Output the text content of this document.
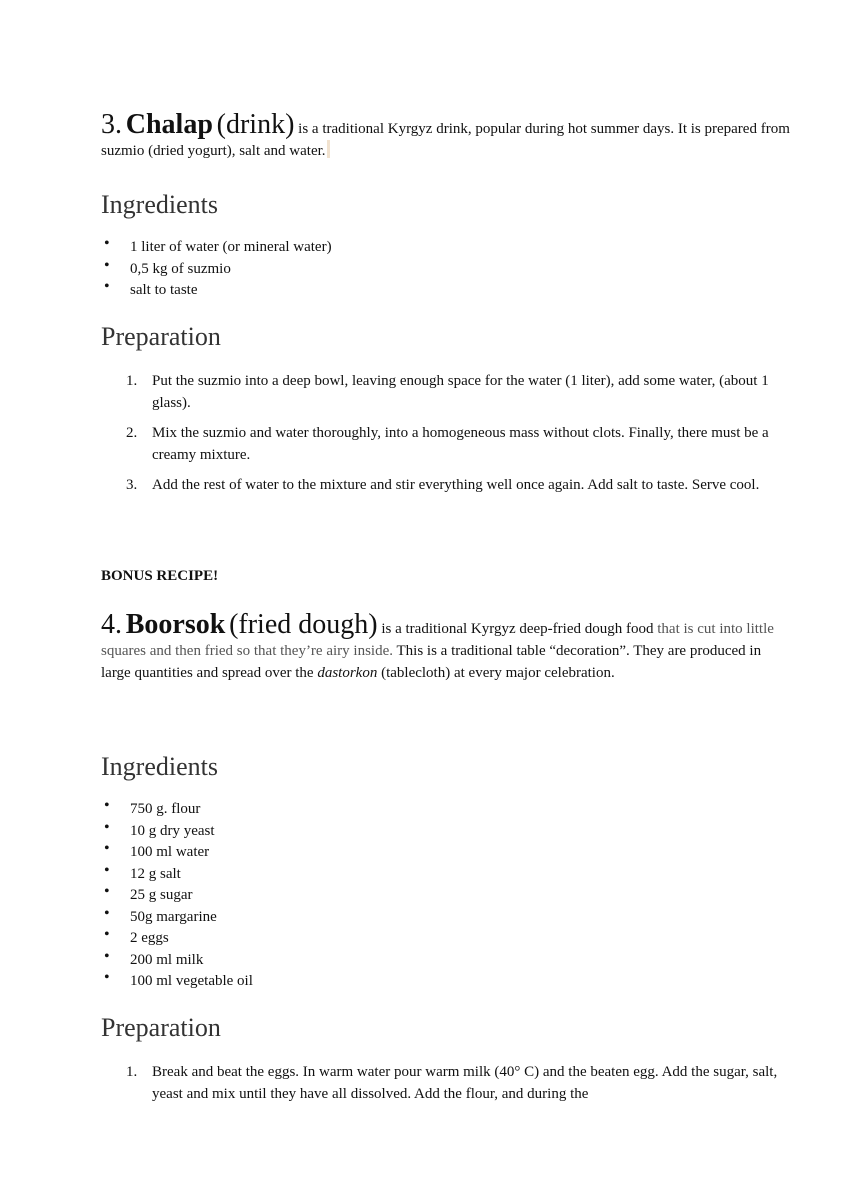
3. Chalap (drink) is a traditional Kyrgyz drink, popular during hot summer days. It is prepared from suzmio (dried yogurt), salt and water.
Ingredients
• 1 liter of water (or mineral water)
• 0,5 kg of suzmio
• salt to taste
Preparation
1. Put the suzmio into a deep bowl, leaving enough space for the water (1 liter), add some water, (about 1 glass).
2. Mix the suzmio and water thoroughly, into a homogeneous mass without clots. Finally, there must be a creamy mixture.
3. Add the rest of water to the mixture and stir everything well once again. Add salt to taste. Serve cool.
BONUS RECIPE!
4. Boorsok (fried dough) is a traditional Kyrgyz deep-fried dough food that is cut into little squares and then fried so that they’re airy inside. This is a traditional table “decoration”. They are produced in large quantities and spread over the dastorkon (tablecloth) at every major celebration.
Ingredients
• 750 g. flour
• 10 g dry yeast
• 100 ml water
• 12 g salt
• 25 g sugar
• 50g margarine
• 2 eggs
• 200 ml milk
• 100 ml vegetable oil
Preparation
1. Break and beat the eggs. In warm water pour warm milk (40° C) and the beaten egg. Add the sugar, salt, yeast and mix until they have all dissolved. Add the flour, and during the
